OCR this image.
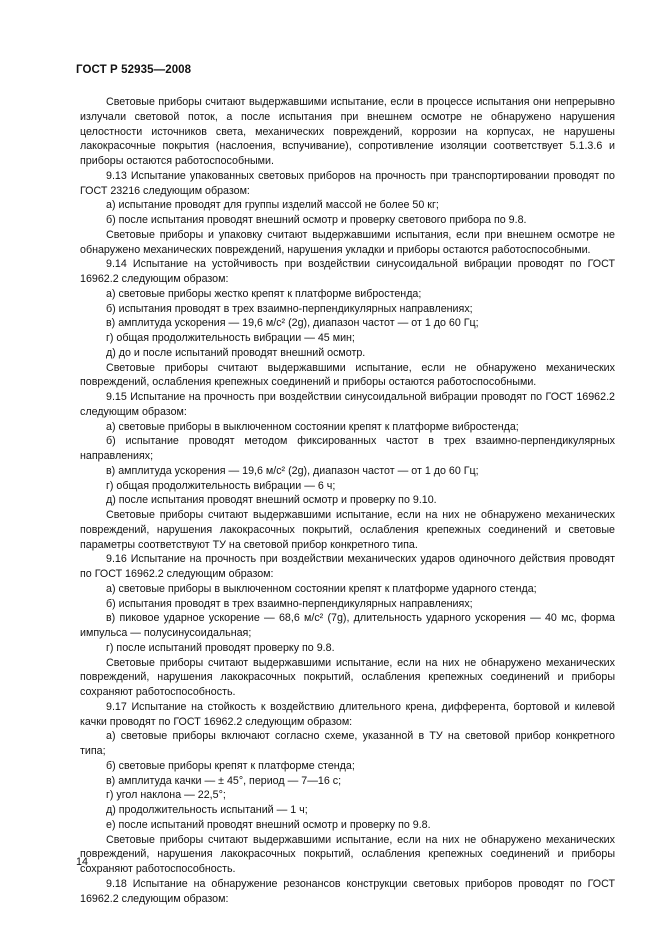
ГОСТ Р 52935—2008

Световые приборы считают выдержавшими испытание, если в процессе испытания они непрерывно излучали световой поток, а после испытания при внешнем осмотре не обнаружено нарушения целостности источников света, механических повреждений, коррозии на корпусах, не нарушены лакокрасочные покрытия (наслоения, вспучивание), сопротивление изоляции соответствует 5.1.3.6 и приборы остаются работоспособными.

9.13 Испытание упакованных световых приборов на прочность при транспортировании проводят по ГОСТ 23216 следующим образом:

а) испытание проводят для группы изделий массой не более 50 кг;

б) после испытания проводят внешний осмотр и проверку светового прибора по 9.8.

Световые приборы и упаковку считают выдержавшими испытания, если при внешнем осмотре не обнаружено механических повреждений, нарушения укладки и приборы остаются работоспособными.

9.14 Испытание на устойчивость при воздействии синусоидальной вибрации проводят по ГОСТ 16962.2 следующим образом:

а) световые приборы жестко крепят к платформе вибростенда;

б) испытания проводят в трех взаимно-перпендикулярных направлениях;

в) амплитуда ускорения — 19,6 м/с² (2g), диапазон частот — от 1 до 60 Гц;

г) общая продолжительность вибрации — 45 мин;

д) до и после испытаний проводят внешний осмотр.

Световые приборы считают выдержавшими испытание, если не обнаружено механических повреждений, ослабления крепежных соединений и приборы остаются работоспособными.

9.15 Испытание на прочность при воздействии синусоидальной вибрации проводят по ГОСТ 16962.2 следующим образом:

а) световые приборы в выключенном состоянии крепят к платформе вибростенда;

б) испытание проводят методом фиксированных частот в трех взаимно-перпендикулярных направлениях;

в) амплитуда ускорения — 19,6 м/с² (2g), диапазон частот — от 1 до 60 Гц;

г) общая продолжительность вибрации — 6 ч;

д) после испытания проводят внешний осмотр и проверку по 9.10.

Световые приборы считают выдержавшими испытание, если на них не обнаружено механических повреждений, нарушения лакокрасочных покрытий, ослабления крепежных соединений и световые параметры соответствуют ТУ на световой прибор конкретного типа.

9.16 Испытание на прочность при воздействии механических ударов одиночного действия проводят по ГОСТ 16962.2 следующим образом:

а) световые приборы в выключенном состоянии крепят к платформе ударного стенда;

б) испытания проводят в трех взаимно-перпендикулярных направлениях;

в) пиковое ударное ускорение — 68,6 м/с² (7g), длительность ударного ускорения — 40 мс, форма импульса — полусинусоидальная;

г) после испытаний проводят проверку по 9.8.

Световые приборы считают выдержавшими испытание, если на них не обнаружено механических повреждений, нарушения лакокрасочных покрытий, ослабления крепежных соединений и приборы сохраняют работоспособность.

9.17 Испытание на стойкость к воздействию длительного крена, дифферента, бортовой и килевой качки проводят по ГОСТ 16962.2 следующим образом:

а) световые приборы включают согласно схеме, указанной в ТУ на световой прибор конкретного типа;

б) световые приборы крепят к платформе стенда;

в) амплитуда качки — ± 45°, период — 7—16 с;

г) угол наклона — 22,5°;

д) продолжительность испытаний — 1 ч;

е) после испытаний проводят внешний осмотр и проверку по 9.8.

Световые приборы считают выдержавшими испытание, если на них не обнаружено механических повреждений, нарушения лакокрасочных покрытий, ослабления крепежных соединений и приборы сохраняют работоспособность.

9.18 Испытание на обнаружение резонансов конструкции световых приборов проводят по ГОСТ 16962.2 следующим образом:

14
